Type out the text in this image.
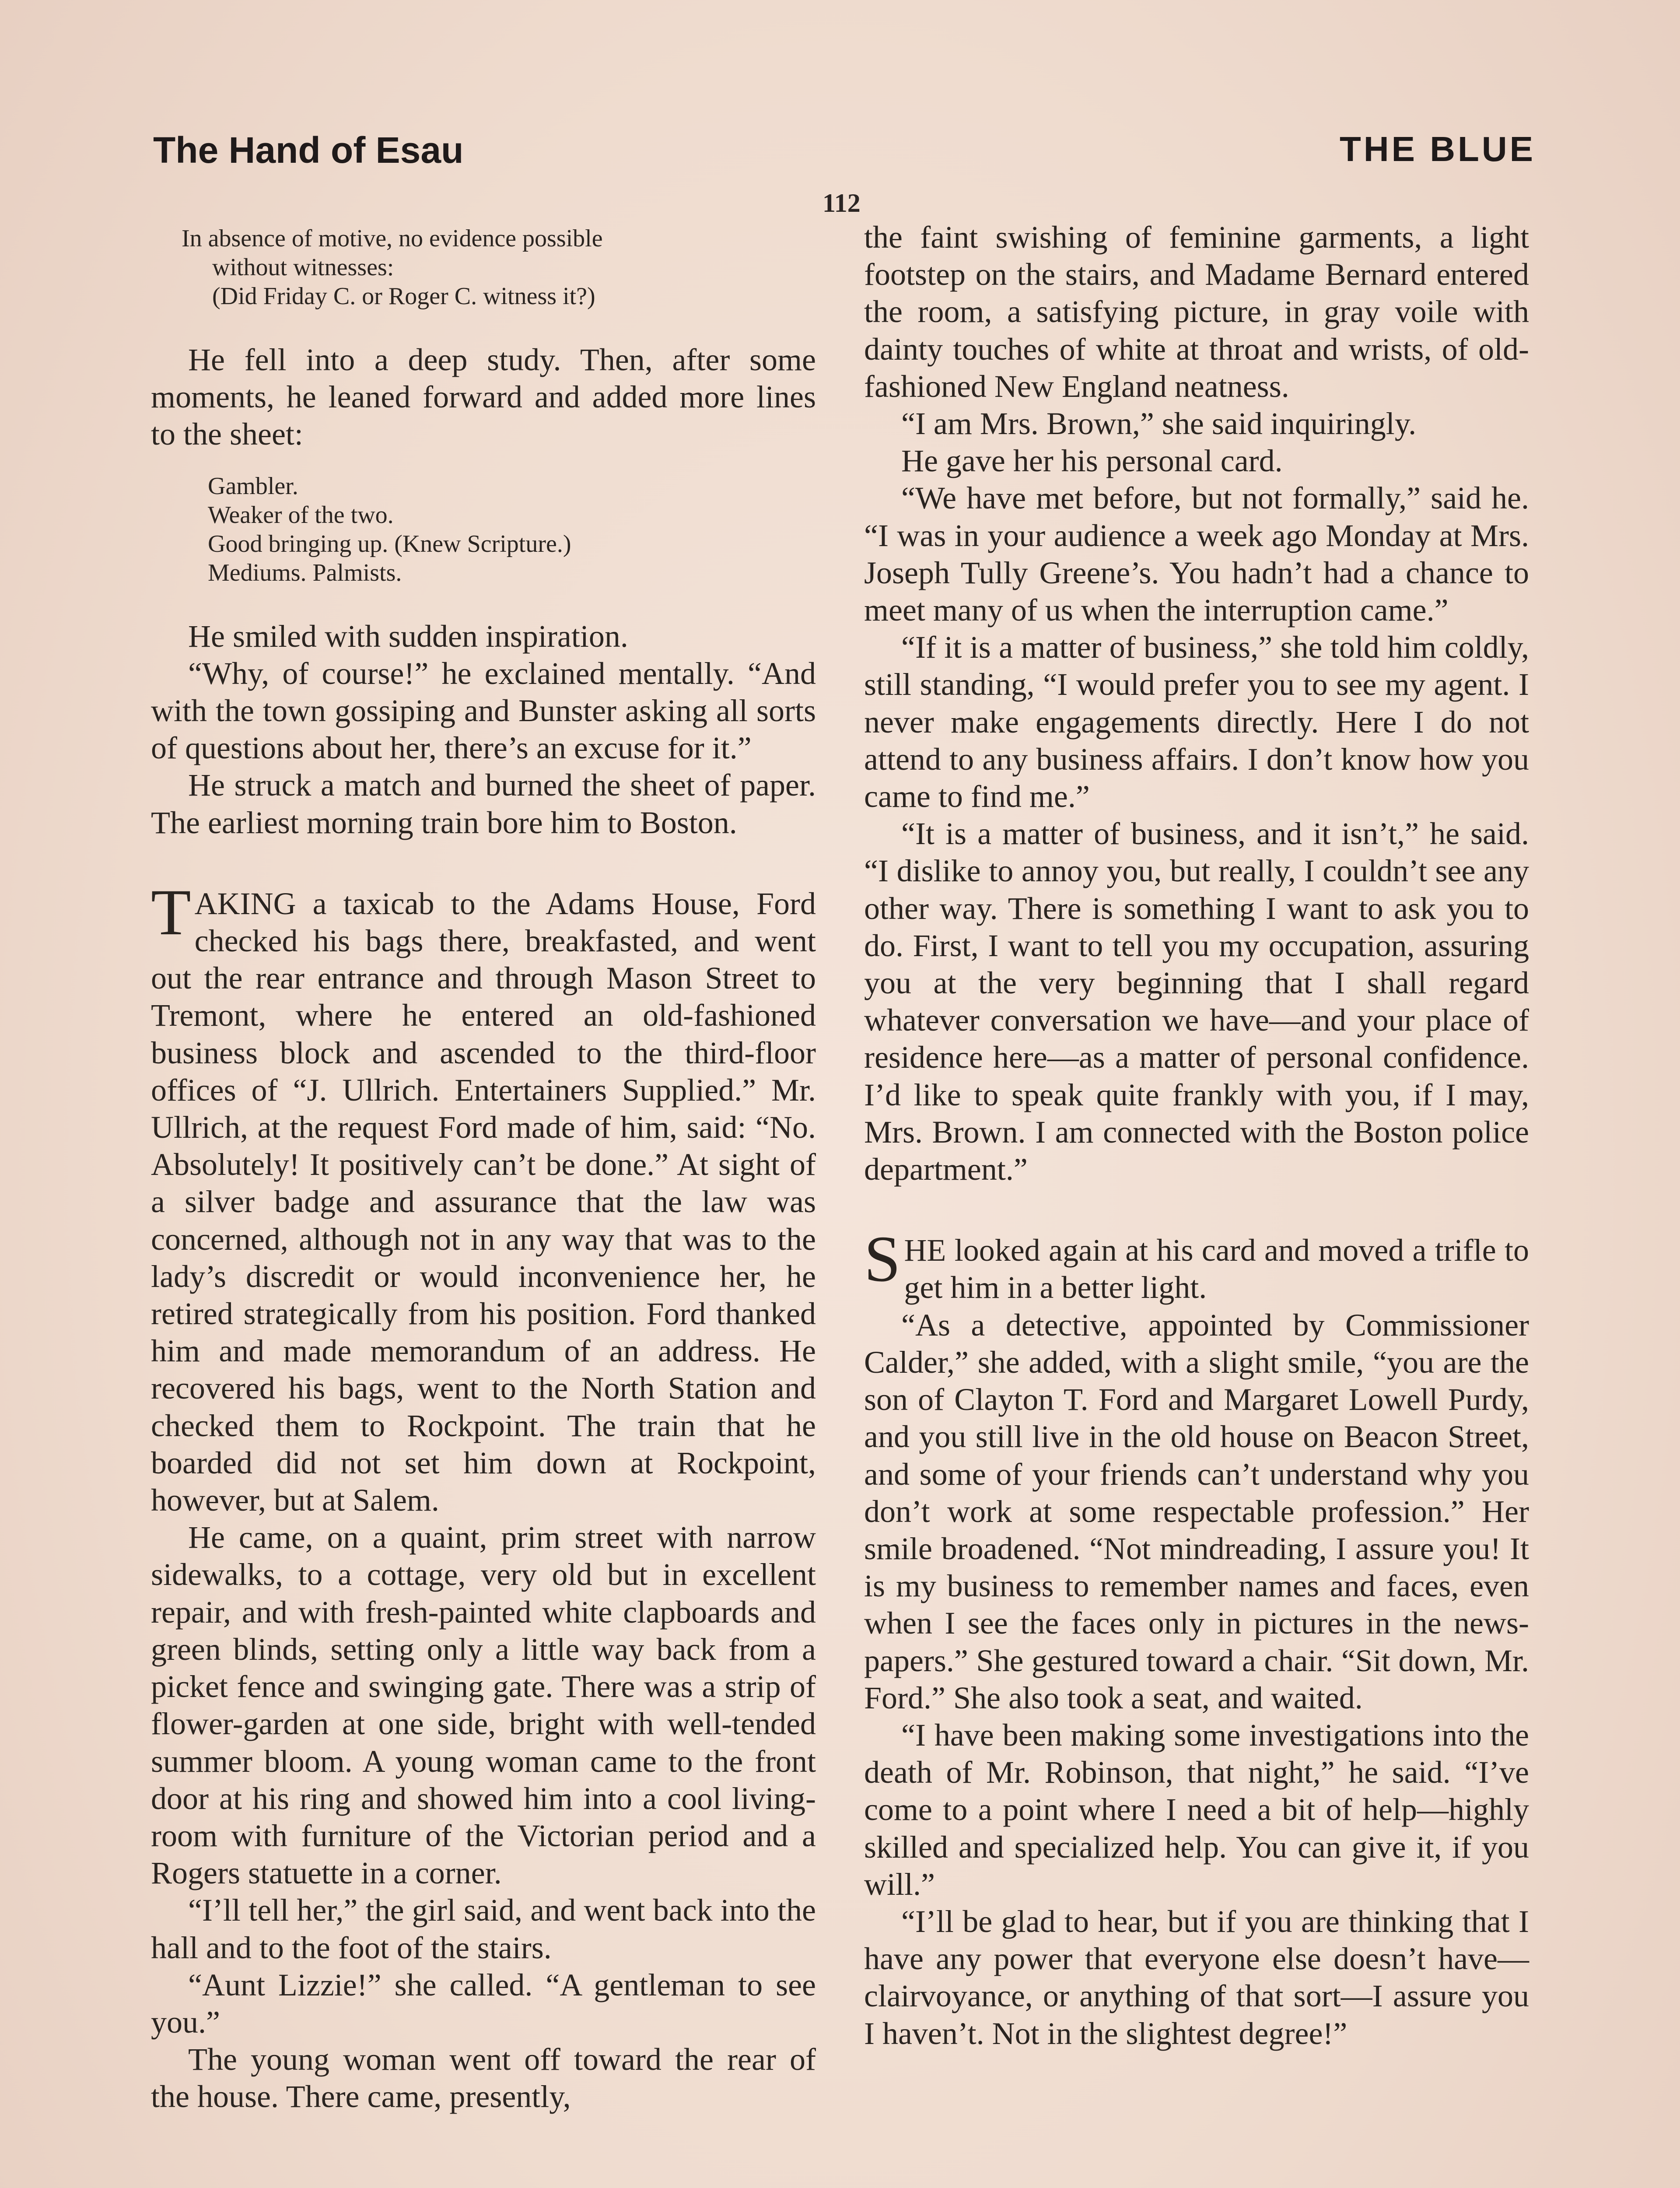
The Hand of Esau	THE BLUE
112
In absence of motive, no evidence possible
without witnesses:
(Did Friday C. or Roger C. witness it?)

He fell into a deep study. Then, after some moments, he leaned forward and added more lines to the sheet:

Gambler.
Weaker of the two.
Good bringing up. (Knew Scripture.)
Mediums. Palmists.

He smiled with sudden inspiration.

“Why, of course!” he exclained mentally. “And with the town gossiping and Bunster asking all sorts of questions about her, there’s an excuse for it.”

He struck a match and burned the sheet of paper. The earliest morning train bore him to Boston.

TAKING a taxicab to the Adams House, Ford checked his bags there, breakfasted, and went out the rear entrance and through Mason Street to Tremont, where he entered an old-fashioned business block and ascended to the third-floor offices of “J. Ullrich. Entertainers Supplied.” Mr. Ullrich, at the request Ford made of him, said: “No. Absolutely! It positively can’t be done.” At sight of a silver badge and assurance that the law was concerned, although not in any way that was to the lady’s discredit or would inconvenience her, he retired strategically from his position. Ford thanked him and made memorandum of an address. He recovered his bags, went to the North Station and checked them to Rockpoint. The train that he boarded did not set him down at Rockpoint, however, but at Salem.

He came, on a quaint, prim street with narrow sidewalks, to a cottage, very old but in excellent repair, and with fresh-painted white clapboards and green blinds, setting only a little way back from a picket fence and swinging gate. There was a strip of flower-garden at one side, bright with well-tended summer bloom. A young woman came to the front door at his ring and showed him into a cool living-room with furniture of the Victorian period and a Rogers statuette in a corner.

“I’ll tell her,” the girl said, and went back into the hall and to the foot of the stairs.

“Aunt Lizzie!” she called. “A gentleman to see you.”

The young woman went off toward the rear of the house. There came, presently,

the faint swishing of feminine garments, a light footstep on the stairs, and Madame Bernard entered the room, a satisfying picture, in gray voile with dainty touches of white at throat and wrists, of old-fashioned New England neatness.

“I am Mrs. Brown,” she said inquiringly.

He gave her his personal card.

“We have met before, but not formally,” said he. “I was in your audience a week ago Monday at Mrs. Joseph Tully Greene’s. You hadn’t had a chance to meet many of us when the interruption came.”

“If it is a matter of business,” she told him coldly, still standing, “I would prefer you to see my agent. I never make engagements directly. Here I do not attend to any business affairs. I don’t know how you came to find me.”

“It is a matter of business, and it isn’t,” he said. “I dislike to annoy you, but really, I couldn’t see any other way. There is something I want to ask you to do. First, I want to tell you my occupation, assuring you at the very beginning that I shall regard whatever conversation we have—and your place of residence here—as a matter of personal confidence. I’d like to speak quite frankly with you, if I may, Mrs. Brown. I am connected with the Boston police department.”

SHE looked again at his card and moved a trifle to get him in a better light.

“As a detective, appointed by Commissioner Calder,” she added, with a slight smile, “you are the son of Clayton T. Ford and Margaret Lowell Purdy, and you still live in the old house on Beacon Street, and some of your friends can’t understand why you don’t work at some respectable profession.” Her smile broadened. “Not mindreading, I assure you! It is my business to remember names and faces, even when I see the faces only in pictures in the newspapers.” She gestured toward a chair. “Sit down, Mr. Ford.” She also took a seat, and waited.

“I have been making some investigations into the death of Mr. Robinson, that night,” he said. “I’ve come to a point where I need a bit of help—highly skilled and specialized help. You can give it, if you will.”

“I’ll be glad to hear, but if you are thinking that I have any power that everyone else doesn’t have—clairvoyance, or anything of that sort—I assure you I haven’t. Not in the slightest degree!”
